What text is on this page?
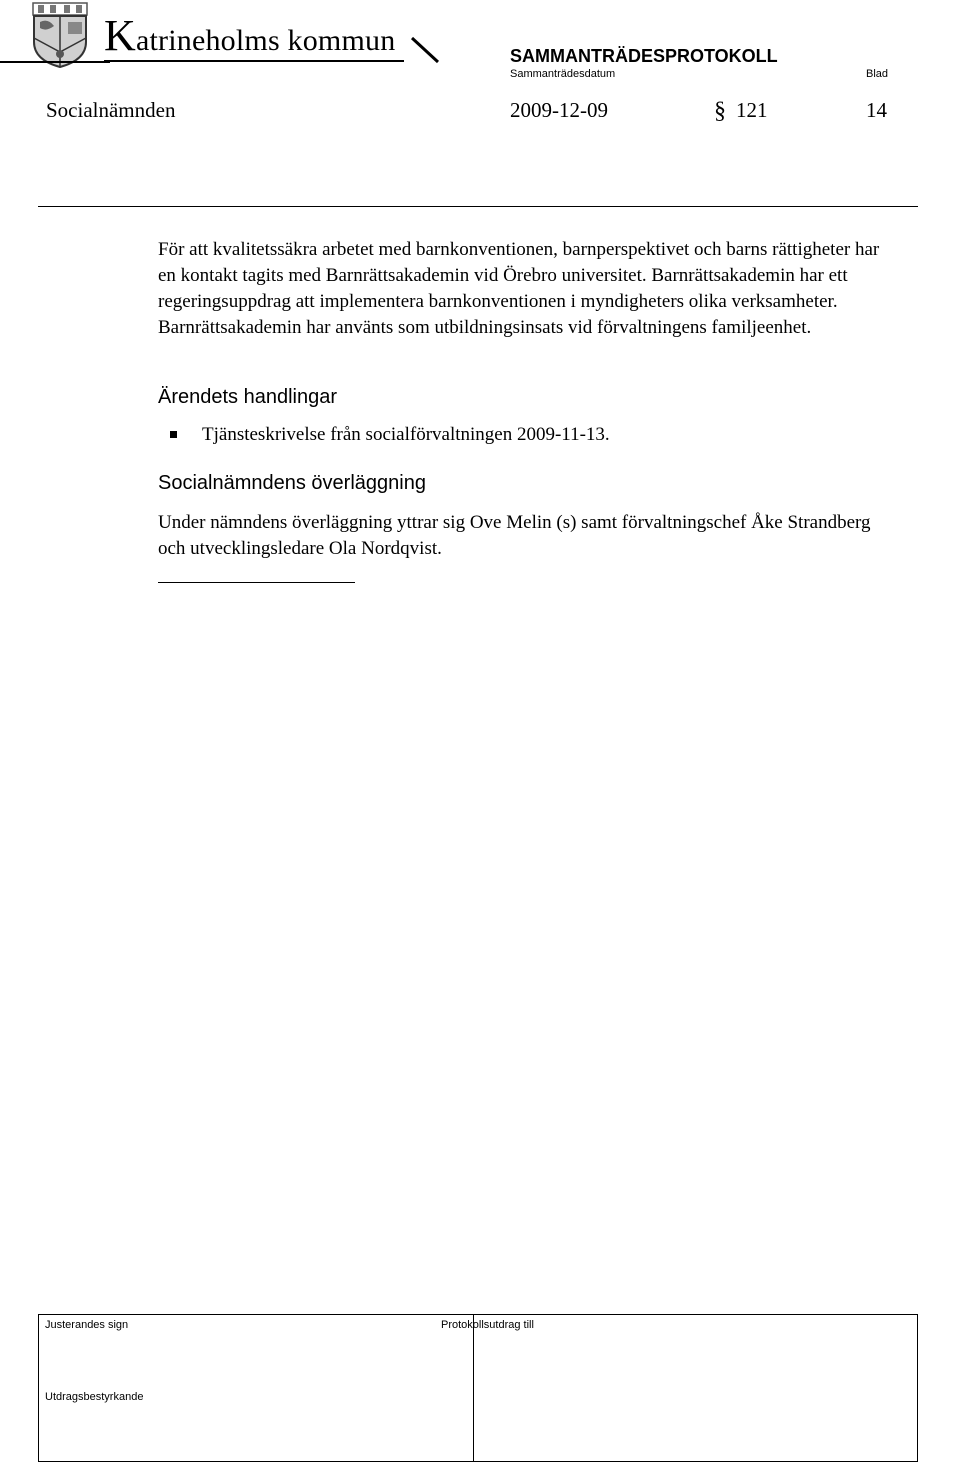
Katrineholms kommun	SAMMANTRÄDESPROTOKOLL
Sammanträdesdatum	Blad
Socialnämnden	2009-12-09	§ 121	14
För att kvalitetssäkra arbetet med barnkonventionen, barnperspektivet och barns rättigheter har en kontakt tagits med Barnrättsakademin vid Örebro universitet. Barnrättsakademin har ett regeringsuppdrag att implementera barnkonventionen i myndigheters olika verksamheter. Barnrättsakademin har använts som utbildningsinsats vid förvaltningens familjeenhet.
Ärendets handlingar
Tjänsteskrivelse från socialförvaltningen 2009-11-13.
Socialnämndens överläggning
Under nämndens överläggning yttrar sig Ove Melin (s) samt förvaltningschef Åke Strandberg och utvecklingsledare Ola Nordqvist.
Justerandes sign	Protokollsutdrag till
Utdragsbestyrkande
